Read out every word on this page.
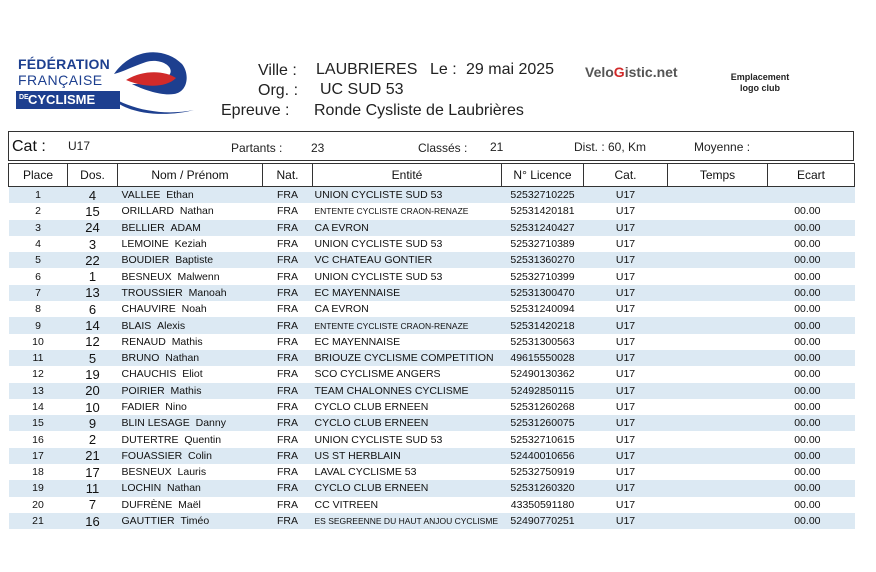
FÉDÉRATION
FRANÇAISE
DE CYCLISME
Ville : LAUBRIERES Le : 29 mai 2025
Org. : UC SUD 53
Epreuve : Ronde Cysliste de Laubrières
VeloGistic.net	Emplacement
logo club
Cat : U17	Partants : 23	Classés : 21	Dist. : 60, Km	Moyenne :
Place	Dos.	Nom / Prénom	Nat.	Entité	N° Licence	Cat.	Temps	Ecart
1	4	VALLEE Ethan	FRA	UNION CYCLISTE SUD 53	52532710225	U17		
2	15	ORILLARD Nathan	FRA	ENTENTE CYCLISTE CRAON-RENAZE	52531420181	U17		00.00
3	24	BELLIER ADAM	FRA	CA EVRON	52531240427	U17		00.00
4	3	LEMOINE Keziah	FRA	UNION CYCLISTE SUD 53	52532710389	U17		00.00
5	22	BOUDIER Baptiste	FRA	VC CHATEAU GONTIER	52531360270	U17		00.00
6	1	BESNEUX Malwenn	FRA	UNION CYCLISTE SUD 53	52532710399	U17		00.00
7	13	TROUSSIER Manoah	FRA	EC MAYENNAISE	52531300470	U17		00.00
8	6	CHAUVIRE Noah	FRA	CA EVRON	52531240094	U17		00.00
9	14	BLAIS Alexis	FRA	ENTENTE CYCLISTE CRAON-RENAZE	52531420218	U17		00.00
10	12	RENAUD Mathis	FRA	EC MAYENNAISE	52531300563	U17		00.00
11	5	BRUNO Nathan	FRA	BRIOUZE CYCLISME COMPETITION	49615550028	U17		00.00
12	19	CHAUCHIS Eliot	FRA	SCO CYCLISME ANGERS	52490130362	U17		00.00
13	20	POIRIER Mathis	FRA	TEAM CHALONNES CYCLISME	52492850115	U17		00.00
14	10	FADIER Nino	FRA	CYCLO CLUB ERNEEN	52531260268	U17		00.00
15	9	BLIN LESAGE Danny	FRA	CYCLO CLUB ERNEEN	52531260075	U17		00.00
16	2	DUTERTRE Quentin	FRA	UNION CYCLISTE SUD 53	52532710615	U17		00.00
17	21	FOUASSIER Colin	FRA	US ST HERBLAIN	52440010656	U17		00.00
18	17	BESNEUX Lauris	FRA	LAVAL CYCLISME 53	52532750919	U17		00.00
19	11	LOCHIN Nathan	FRA	CYCLO CLUB ERNEEN	52531260320	U17		00.00
20	7	DUFRÈNE Maël	FRA	CC VITREEN	43350591180	U17		00.00
21	16	GAUTTIER Timéo	FRA	ES SEGREENNE DU HAUT ANJOU CYCLISME	52490770251	U17		00.00
